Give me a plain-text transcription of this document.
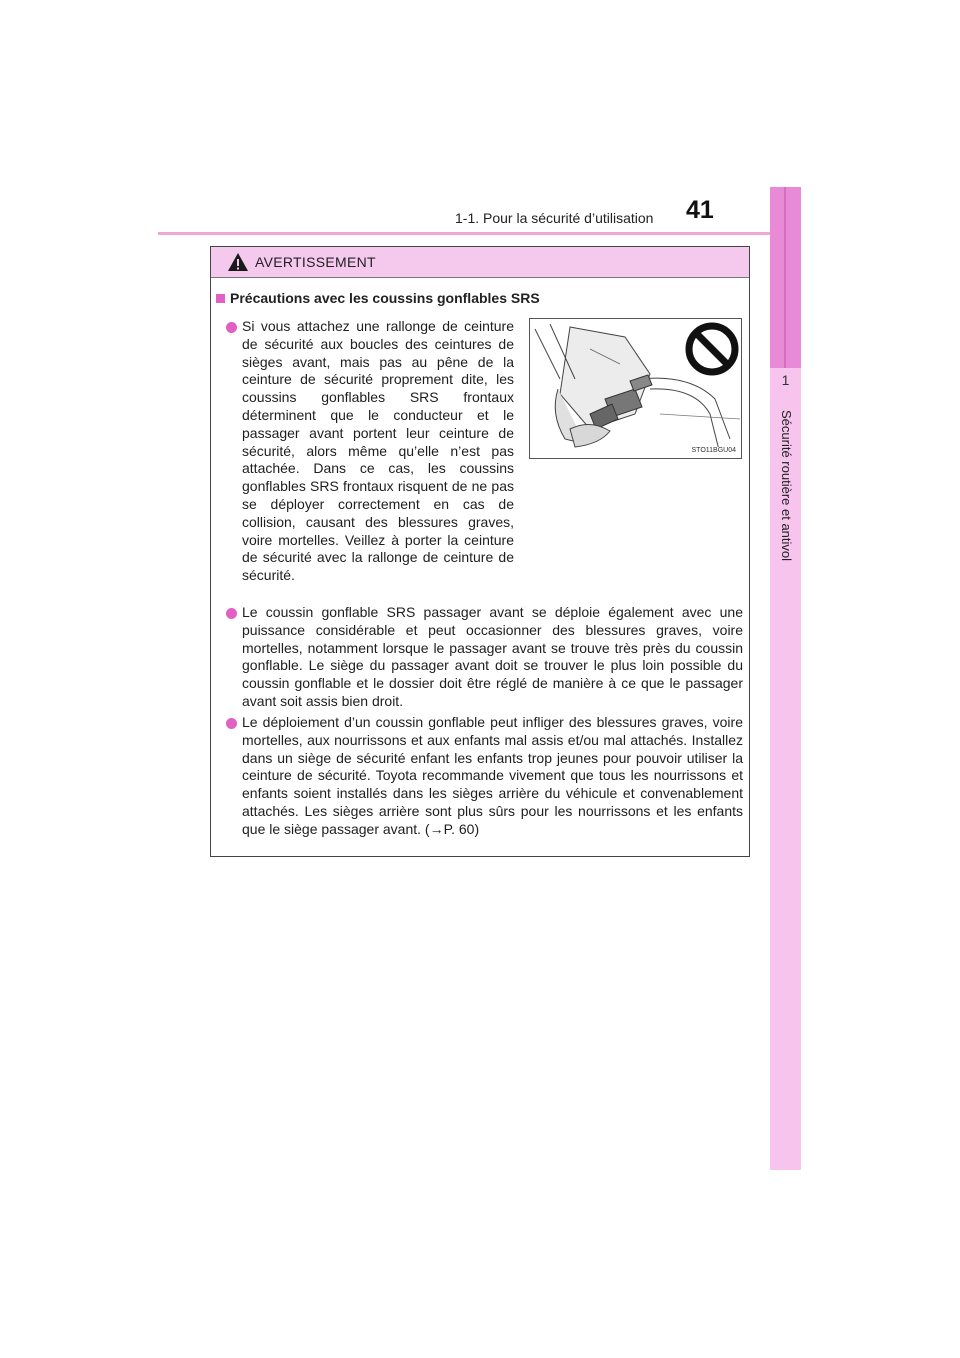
1-1. Pour la sécurité d’utilisation	41
1
Sécurité routière et antivol
AVERTISSEMENT
Précautions avec les coussins gonflables SRS
Si vous attachez une rallonge de ceinture de sécurité aux boucles des ceintures de sièges avant, mais pas au pêne de la ceinture de sécurité proprement dite, les coussins gonflables SRS frontaux déterminent que le conducteur et le passager avant portent leur ceinture de sécurité, alors même qu’elle n’est pas attachée. Dans ce cas, les coussins gonflables SRS frontaux risquent de ne pas se déployer correctement en cas de collision, causant des blessures graves, voire mortelles. Veillez à porter la ceinture de sécurité avec la rallonge de ceinture de sécurité.
STO11BGU04
Le coussin gonflable SRS passager avant se déploie également avec une puissance considérable et peut occasionner des blessures graves, voire mortelles, notamment lorsque le passager avant se trouve très près du coussin gonflable. Le siège du passager avant doit se trouver le plus loin possible du coussin gonflable et le dossier doit être réglé de manière à ce que le passager avant soit assis bien droit.
Le déploiement d’un coussin gonflable peut infliger des blessures graves, voire mortelles, aux nourrissons et aux enfants mal assis et/ou mal attachés. Installez dans un siège de sécurité enfant les enfants trop jeunes pour pouvoir utiliser la ceinture de sécurité. Toyota recommande vivement que tous les nourrissons et enfants soient installés dans les sièges arrière du véhicule et convenablement attachés. Les sièges arrière sont plus sûrs pour les nourrissons et les enfants que le siège passager avant. (→P. 60)
